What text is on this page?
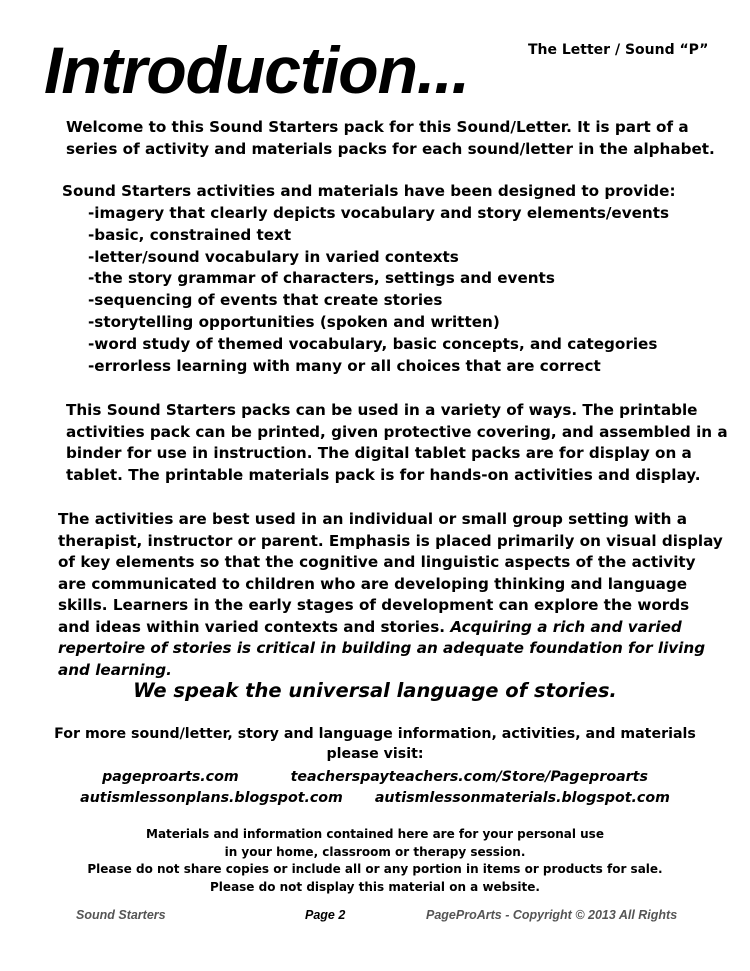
Introduction...	The Letter / Sound “P”

Welcome to this Sound Starters pack for this Sound/Letter. It is part of a series of activity and materials packs for each sound/letter in the alphabet.

Sound Starters activities and materials have been designed to provide:

-imagery that clearly depicts vocabulary and story elements/events
-basic, constrained text
-letter/sound vocabulary in varied contexts
-the story grammar of characters, settings and events
-sequencing of events that create stories
-storytelling opportunities (spoken and written)
-word study of themed vocabulary, basic concepts, and categories
-errorless learning with many or all choices that are correct

This Sound Starters packs can be used in a variety of ways. The printable activities pack can be printed, given protective covering, and assembled in a binder for use in instruction. The digital tablet packs are for display on a tablet. The printable materials pack is for hands-on activities and display.

The activities are best used in an individual or small group setting with a therapist, instructor or parent. Emphasis is placed primarily on visual display of key elements so that the cognitive and linguistic aspects of the activity are communicated to children who are developing thinking and language skills. Learners in the early stages of development can explore the words and ideas within varied contexts and stories. Acquiring a rich and varied repertoire of stories is critical in building an adequate foundation for living and learning.

We speak the universal language of stories.

For more sound/letter, story and language information, activities, and materials
please visit:

pageproarts.com	teacherspayteachers.com/Store/Pageproarts
autismlessonplans.blogspot.com autismlessonmaterials.blogspot.com
Materials and information contained here are for your personal use
in your home, classroom or therapy session.
Please do not share copies or include all or any portion in items or products for sale.
Please do not display this material on a website.
Sound Starters	Page 2	PageProArts - Copyright © 2013 All Rights
